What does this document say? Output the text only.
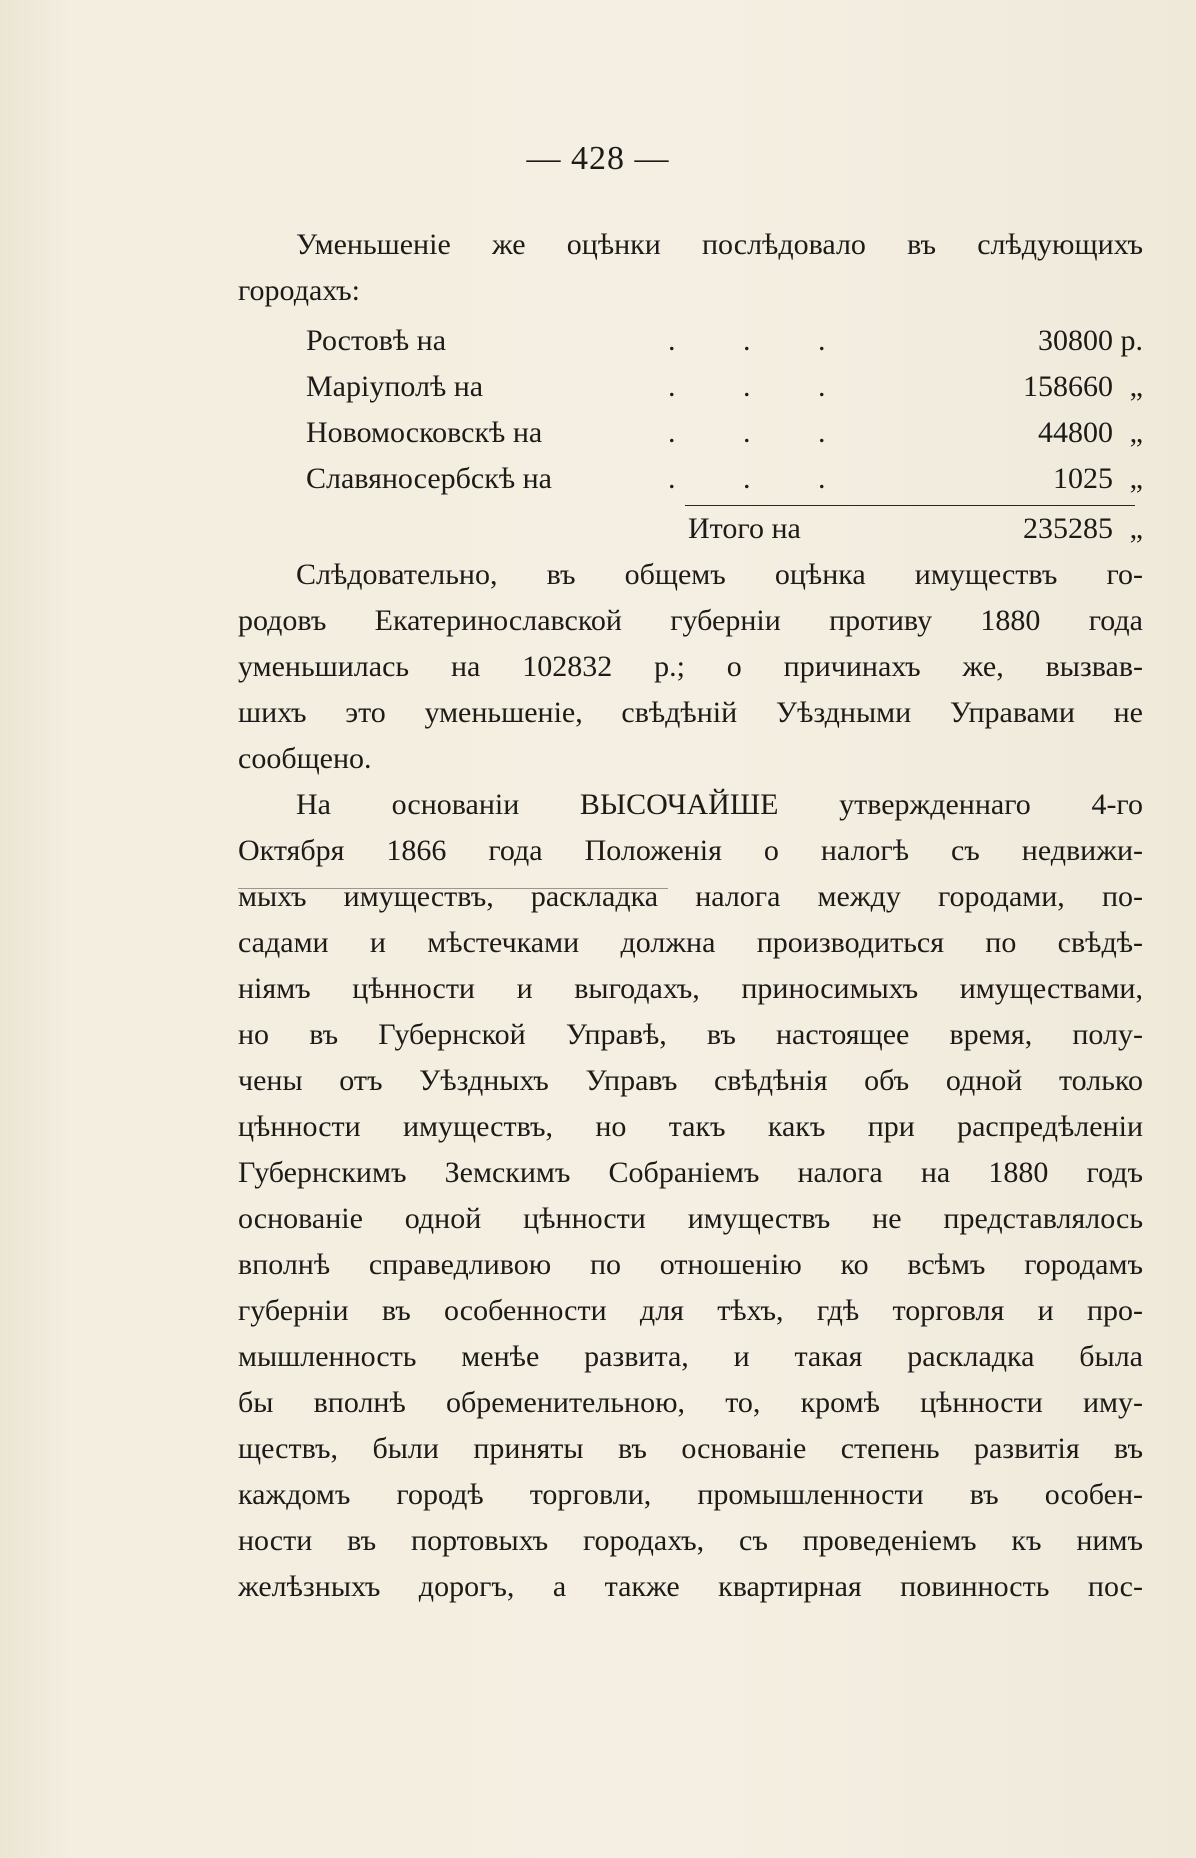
— 428 —
Уменьшеніе же оцѣнки послѣдовало въ слѣдующихъ
городахъ:
Ростовѣ на	. . .	30800 р.
Маріуполѣ на	. . .	158660 „
Новомосковскѣ на	. . .	44800 „
Славяносербскѣ на	. . .	1025 „
Итого на	235285 „
Слѣдовательно, въ общемъ оцѣнка имуществъ го-
родовъ Екатеринославской губерніи противу 1880 года
уменьшилась на 102832 р.; о причинахъ же, вызвав-
шихъ это уменьшеніе, свѣдѣній Уѣздными Управами не
сообщено.
На основаніи ВЫСОЧАЙШЕ утвержденнаго 4-го
Октября 1866 года Положенія о налогѣ съ недвижи-
мыхъ имуществъ, раскладка налога между городами, по-
садами и мѣстечками должна производиться по свѣдѣ-
ніямъ цѣнности и выгодахъ, приносимыхъ имуществами,
но въ Губернской Управѣ, въ настоящее время, полу-
чены отъ Уѣздныхъ Управъ свѣдѣнія объ одной только
цѣнности имуществъ, но такъ какъ при распредѣленіи
Губернскимъ Земскимъ Собраніемъ налога на 1880 годъ
основаніе одной цѣнности имуществъ не представлялось
вполнѣ справедливою по отношенію ко всѣмъ городамъ
губерніи въ особенности для тѣхъ, гдѣ торговля и про-
мышленность менѣе развита, и такая раскладка была
бы вполнѣ обременительною, то, кромѣ цѣнности иму-
ществъ, были приняты въ основаніе степень развитія въ
каждомъ городѣ торговли, промышленности въ особен-
ности въ портовыхъ городахъ, съ проведеніемъ къ нимъ
желѣзныхъ дорогъ, а также квартирная повинность пос-
